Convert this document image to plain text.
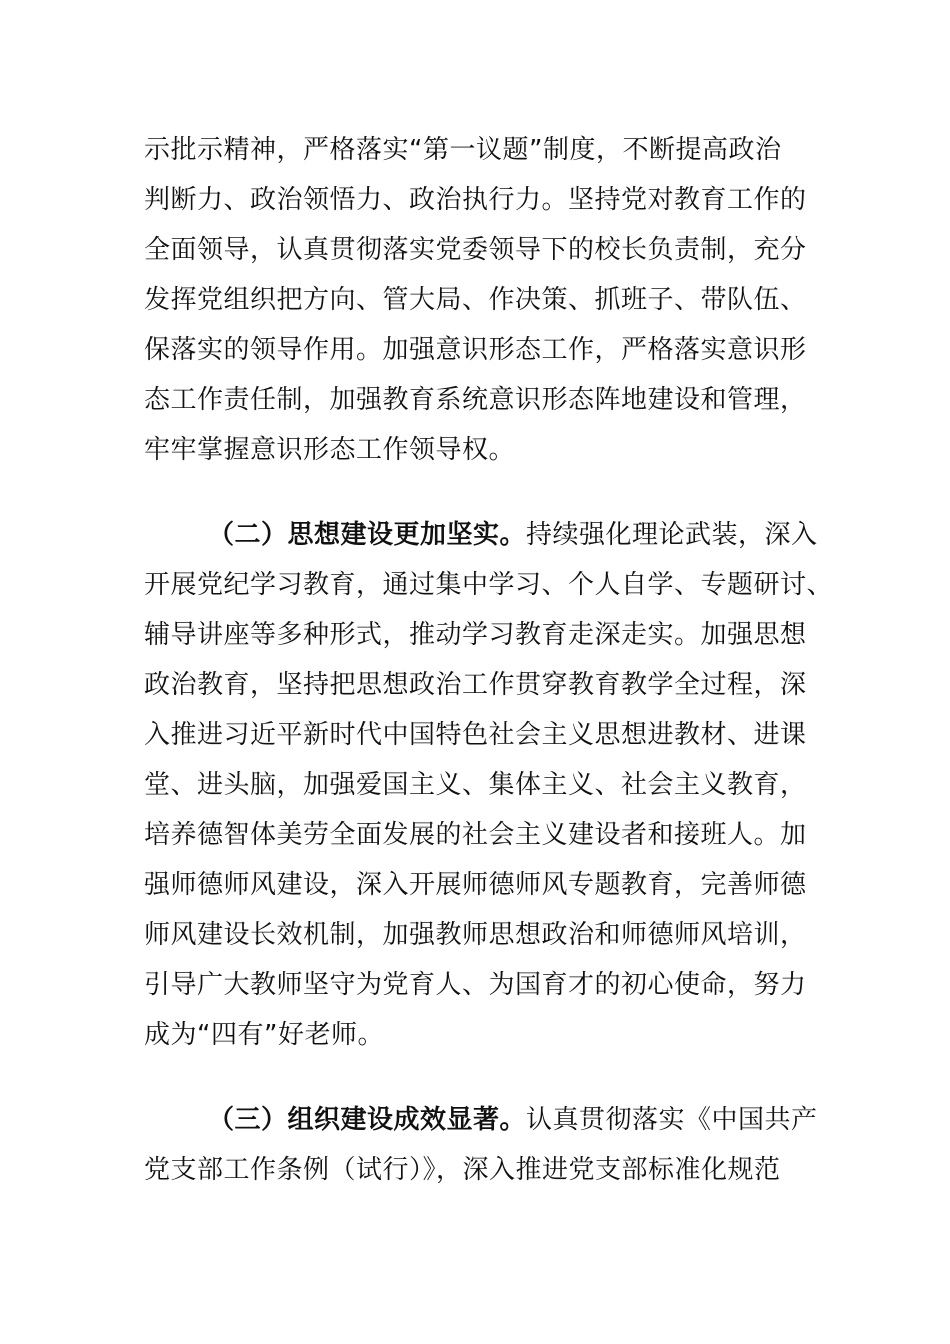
示批示精神，严格落实“第一议题”制度，不断提高政治
判断力、政治领悟力、政治执行力。坚持党对教育工作的
全面领导，认真贯彻落实党委领导下的校长负责制，充分
发挥党组织把方向、管大局、作决策、抓班子、带队伍、
保落实的领导作用。加强意识形态工作，严格落实意识形
态工作责任制，加强教育系统意识形态阵地建设和管理，
牢牢掌握意识形态工作领导权。
（二）思想建设更加坚实。持续强化理论武装，深入
开展党纪学习教育，通过集中学习、个人自学、专题研讨、
辅导讲座等多种形式，推动学习教育走深走实。加强思想
政治教育，坚持把思想政治工作贯穿教育教学全过程，深
入推进习近平新时代中国特色社会主义思想进教材、进课
堂、进头脑，加强爱国主义、集体主义、社会主义教育，
培养德智体美劳全面发展的社会主义建设者和接班人。加
强师德师风建设，深入开展师德师风专题教育，完善师德
师风建设长效机制，加强教师思想政治和师德师风培训，
引导广大教师坚守为党育人、为国育才的初心使命，努力
成为“四有”好老师。
（三）组织建设成效显著。认真贯彻落实《中国共产
党支部工作条例（试行）》，深入推进党支部标准化规范
